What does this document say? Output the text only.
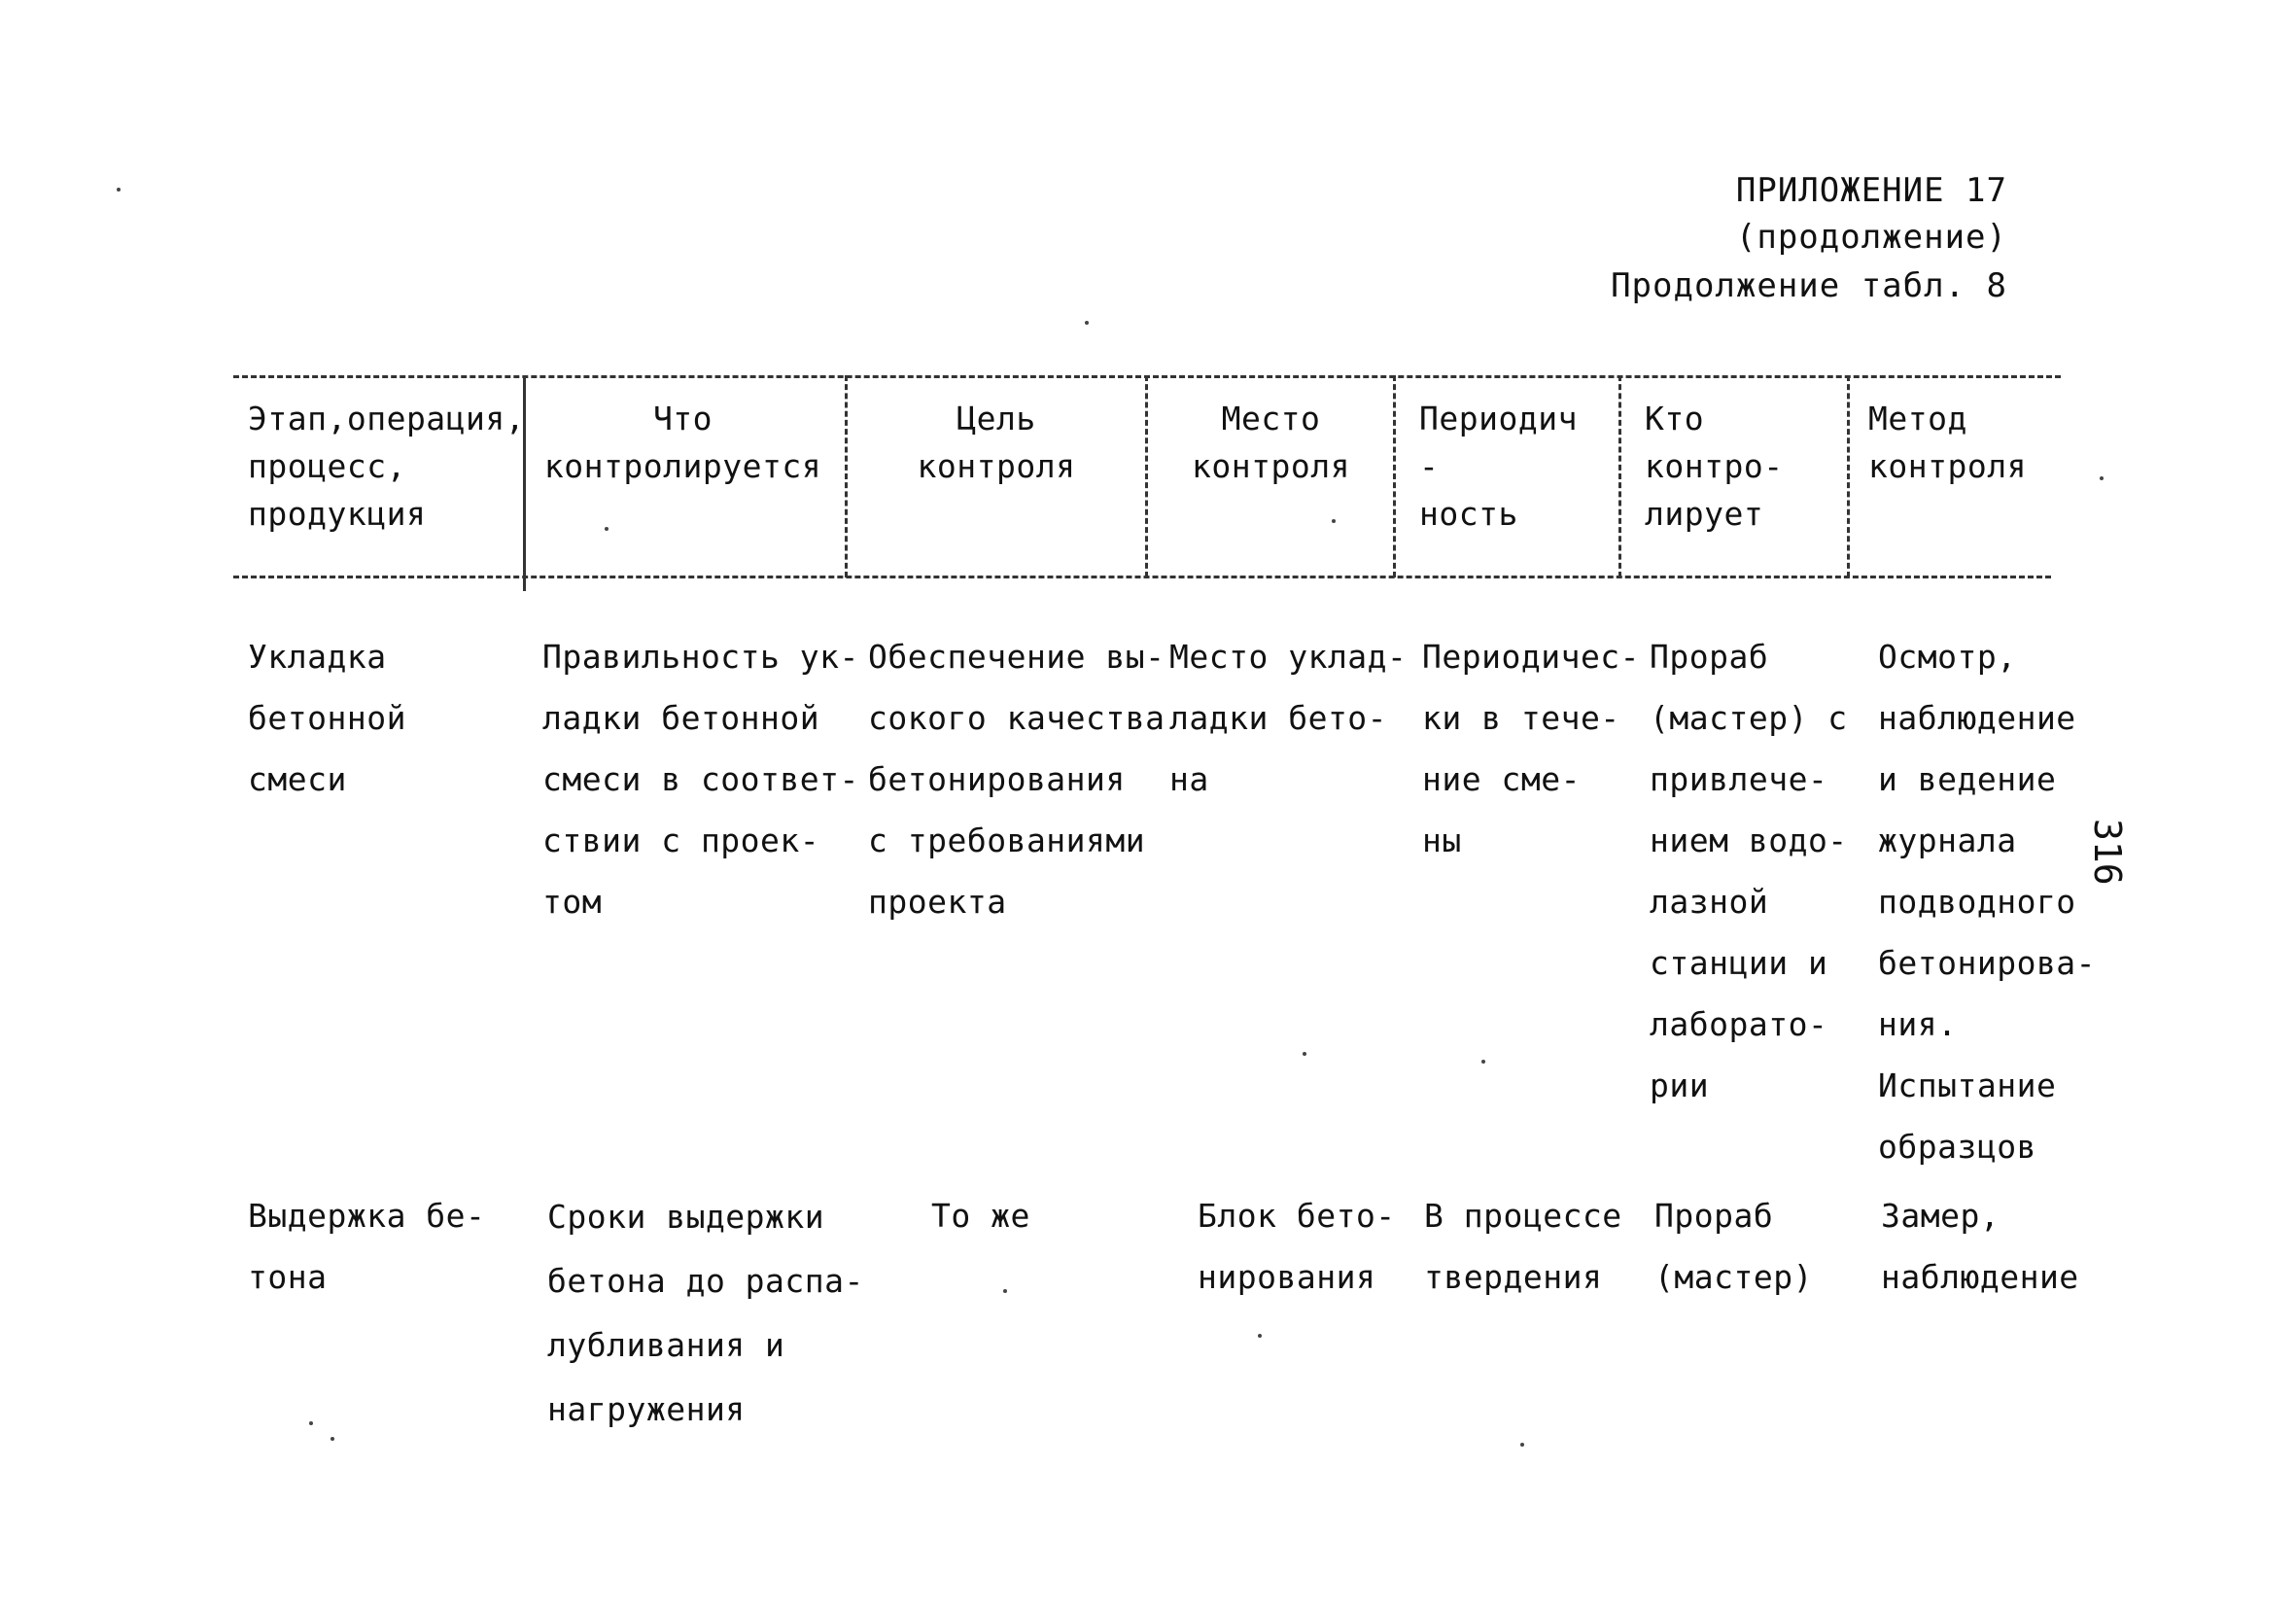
ПРИЛОЖЕНИЕ 17
(продолжение)
Продолжение табл. 8
316
Этап,операция,
процесс,
продукция
Что
контролируется
Цель
контроля
Место
контроля
Периодич -
ность
Кто контро-
лирует
Метод
контроля
Укладка
бетонной
смеси
Правильность ук-
ладки бетонной
смеси в соответ-
ствии с проек-
том
Обеспечение вы-
сокого качества
бетонирования
с требованиями
проекта
Место уклад-
ладки бето-
на
Периодичес-
ки в тече-
ние сме-
ны
Прораб
(мастер) с
привлече-
нием водо-
лазной
станции и
лаборато-
рии
Осмотр,
наблюдение
и ведение
журнала
подводного
бетонирова-
ния.
Испытание
образцов
Выдержка бе-
тона
Сроки выдержки
бетона до распа-
лубливания и
нагружения
То же	Блок бето-
нирования
В процессе
твердения
Прораб
(мастер)
Замер,
наблюдение
